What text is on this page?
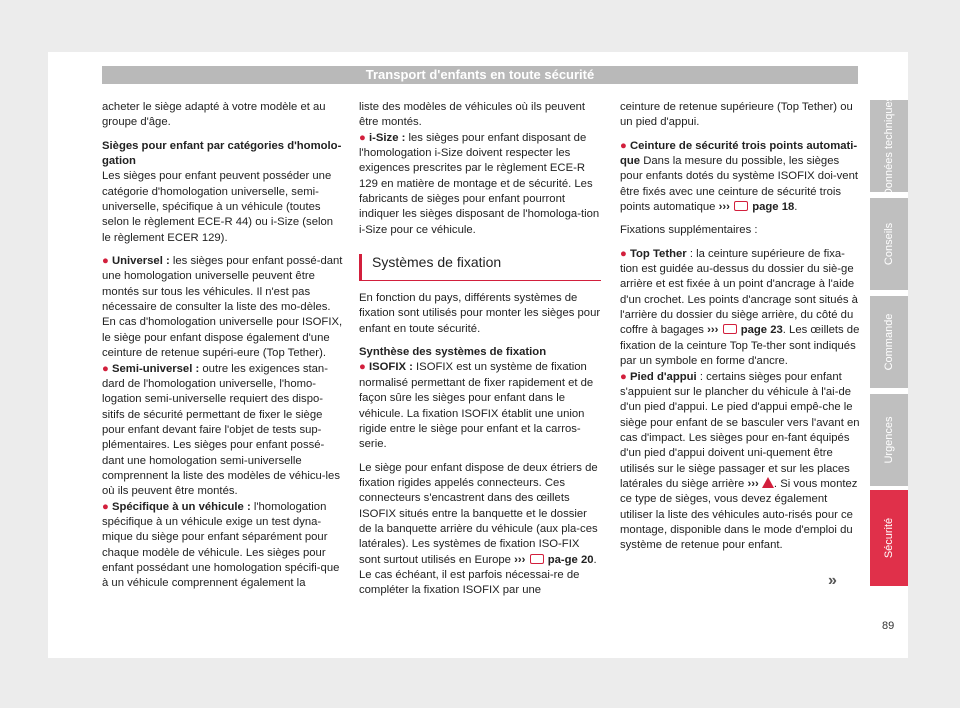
Transport d'enfants en toute sécurité

acheter le siège adapté à votre modèle et au groupe d'âge.

Sièges pour enfant par catégories d'homolo-gation

Les sièges pour enfant peuvent posséder une catégorie d'homologation universelle, semi-universelle, spécifique à un véhicule (toutes selon le règlement ECE-R 44) ou i-Size (selon le règlement ECER 129).

● Universel : les sièges pour enfant possé-dant une homologation universelle peuvent être montés sur tous les véhicules. Il n'est pas nécessaire de consulter la liste des mo-dèles. En cas d'homologation universelle pour ISOFIX, le siège pour enfant dispose également d'une ceinture de retenue supéri-eure (Top Tether).

● Semi-universel : outre les exigences stan-dard de l'homologation universelle, l'homo-logation semi-universelle requiert des dispo-sitifs de sécurité permettant de fixer le siège pour enfant devant faire l'objet de tests sup-plémentaires. Les sièges pour enfant possé-dant une homologation semi-universelle comprennent la liste des modèles de véhicu-les où ils peuvent être montés.

● Spécifique à un véhicule : l'homologation spécifique à un véhicule exige un test dyna-mique du siège pour enfant séparément pour chaque modèle de véhicule. Les sièges pour enfant possédant une homologation spécifi-que à un véhicule comprennent également la

liste des modèles de véhicules où ils peuvent être montés.

● i-Size : les sièges pour enfant disposant de l'homologation i-Size doivent respecter les exigences prescrites par le règlement ECE-R 129 en matière de montage et de sécurité. Les fabricants de sièges pour enfant pourront indiquer les sièges disposant de l'homologa-tion i-Size pour ce véhicule.

Systèmes de fixation

En fonction du pays, différents systèmes de fixation sont utilisés pour monter les sièges pour enfant en toute sécurité.

Synthèse des systèmes de fixation

● ISOFIX : ISOFIX est un système de fixation normalisé permettant de fixer rapidement et de façon sûre les sièges pour enfant dans le véhicule. La fixation ISOFIX établit une union rigide entre le siège pour enfant et la carros-serie.

Le siège pour enfant dispose de deux étriers de fixation rigides appelés connecteurs. Ces connecteurs s'encastrent dans des œillets ISOFIX situés entre la banquette et le dossier de la banquette arrière du véhicule (aux pla-ces latérales). Les systèmes de fixation ISO-FIX sont surtout utilisés en Europe ››› pa-ge 20. Le cas échéant, il est parfois nécessai-re de compléter la fixation ISOFIX par une

ceinture de retenue supérieure (Top Tether) ou un pied d'appui.

● Ceinture de sécurité trois points automati-que Dans la mesure du possible, les sièges pour enfants dotés du système ISOFIX doi-vent être fixés avec une ceinture de sécurité trois points automatique ››› page 18.

Fixations supplémentaires :

● Top Tether : la ceinture supérieure de fixa-tion est guidée au-dessus du dossier du siè-ge arrière et est fixée à un point d'ancrage à l'aide d'un crochet. Les points d'ancrage sont situés à l'arrière du dossier du siège arrière, du côté du coffre à bagages ››› page 23. Les œillets de fixation de la ceinture Top Te-ther sont indiqués par un symbole en forme d'ancre.

● Pied d'appui : certains sièges pour enfant s'appuient sur le plancher du véhicule à l'ai-de d'un pied d'appui. Le pied d'appui empê-che le siège pour enfant de se basculer vers l'avant en cas d'impact. Les sièges pour en-fant équipés d'un pied d'appui doivent uni-quement être utilisés sur le siège passager et sur les places latérales du siège arrière ››› . Si vous montez ce type de sièges, vous devez également utiliser la liste des véhicules auto-risés pour ce montage, disponible dans le mode d'emploi du système de retenue pour enfant.

»
Données techniques
Conseils
Commande
Urgences
Sécurité
89
